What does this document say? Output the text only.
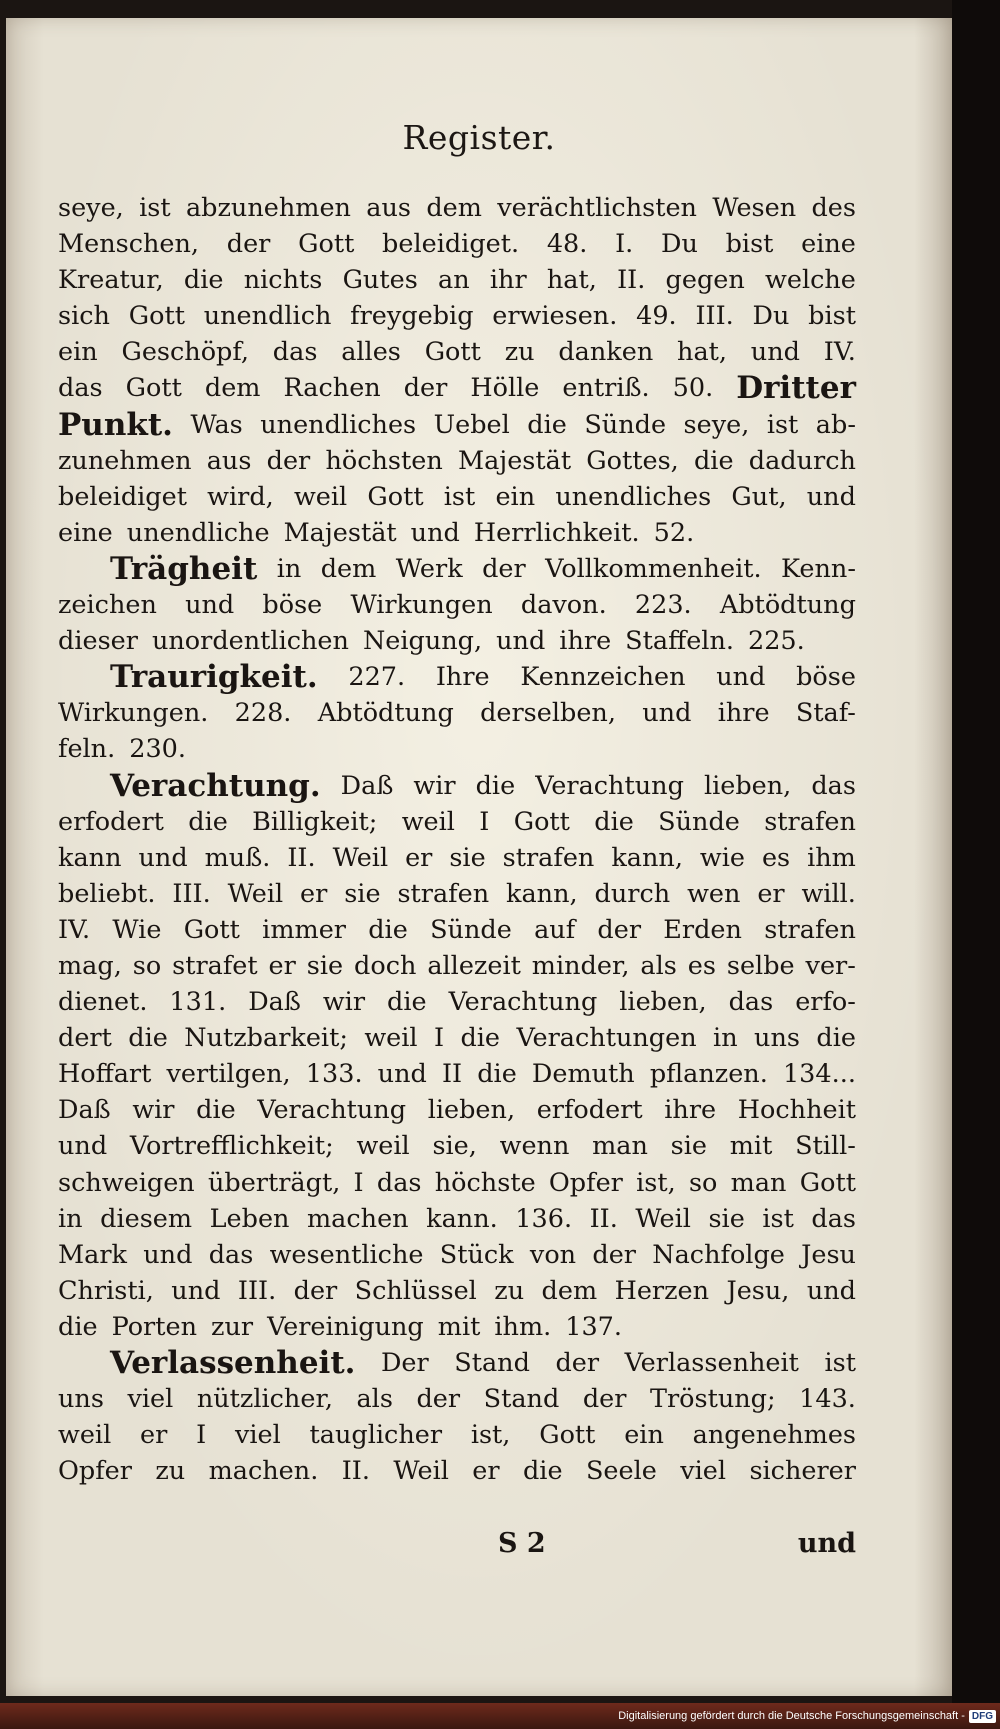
Register.
seye, ist abzunehmen aus dem verächtlichsten Wesen des
Menschen, der Gott beleidiget. 48. I. Du bist eine
Kreatur, die nichts Gutes an ihr hat, II. gegen welche
sich Gott unendlich freygebig erwiesen. 49. III. Du bist
ein Geschöpf, das alles Gott zu danken hat, und IV.
das Gott dem Rachen der Hölle entriß. 50. Dritter
Punkt. Was unendliches Uebel die Sünde seye, ist ab-
zunehmen aus der höchsten Majestät Gottes, die dadurch
beleidiget wird, weil Gott ist ein unendliches Gut, und
eine unendliche Majestät und Herrlichkeit. 52.
Trägheit in dem Werk der Vollkommenheit. Kenn-
zeichen und böse Wirkungen davon. 223. Abtödtung
dieser unordentlichen Neigung, und ihre Staffeln. 225.
Traurigkeit. 227. Ihre Kennzeichen und böse
Wirkungen. 228. Abtödtung derselben, und ihre Staf-
feln. 230.
Verachtung. Daß wir die Verachtung lieben, das
erfodert die Billigkeit; weil I Gott die Sünde strafen
kann und muß. II. Weil er sie strafen kann, wie es ihm
beliebt. III. Weil er sie strafen kann, durch wen er will.
IV. Wie Gott immer die Sünde auf der Erden strafen
mag, so strafet er sie doch allezeit minder, als es selbe ver-
dienet. 131. Daß wir die Verachtung lieben, das erfo-
dert die Nutzbarkeit; weil I die Verachtungen in uns die
Hoffart vertilgen, 133. und II die Demuth pflanzen. 134...
Daß wir die Verachtung lieben, erfodert ihre Hochheit
und Vortrefflichkeit; weil sie, wenn man sie mit Still-
schweigen überträgt, I das höchste Opfer ist, so man Gott
in diesem Leben machen kann. 136. II. Weil sie ist das
Mark und das wesentliche Stück von der Nachfolge Jesu
Christi, und III. der Schlüssel zu dem Herzen Jesu, und
die Porten zur Vereinigung mit ihm. 137.
Verlassenheit. Der Stand der Verlassenheit ist
uns viel nützlicher, als der Stand der Tröstung; 143.
weil er I viel tauglicher ist, Gott ein angenehmes
Opfer zu machen. II. Weil er die Seele viel sicherer
S 2	und
Digitalisierung gefördert durch die Deutsche Forschungsgemeinschaft - DFG
